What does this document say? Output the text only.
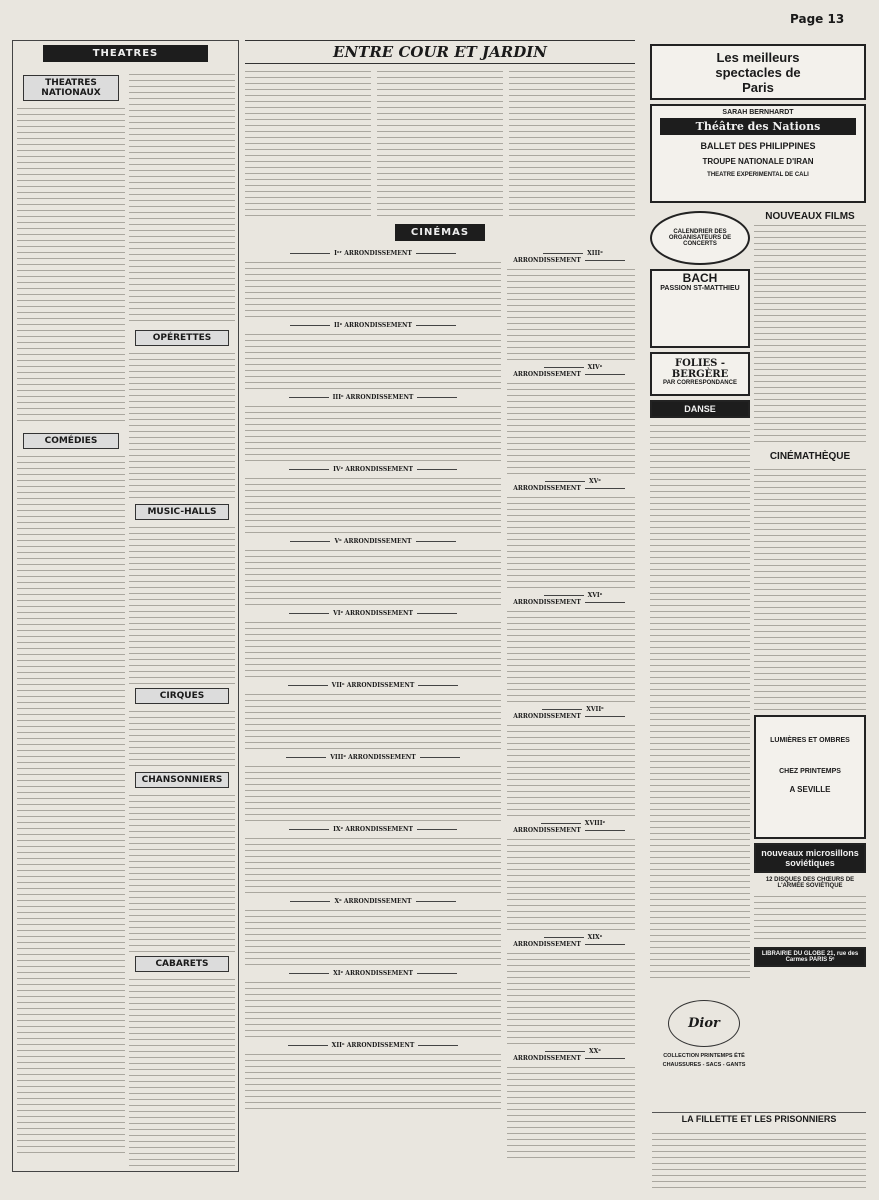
Page 13
THEATRES
THEATRES NATIONAUX
COMÉDIES
OPÉRETTES
MUSIC-HALLS
CIRQUES
CHANSONNIERS
CABARETS
ENTRE COUR ET JARDIN
CINÉMAS
Iᵉʳ ARRONDISSEMENT
IIᵉ ARRONDISSEMENT
IIIᵉ ARRONDISSEMENT
IVᵉ ARRONDISSEMENT
Vᵉ ARRONDISSEMENT
VIᵉ ARRONDISSEMENT
VIIᵉ ARRONDISSEMENT
VIIIᵉ ARRONDISSEMENT
IXᵉ ARRONDISSEMENT
Xᵉ ARRONDISSEMENT
XIᵉ ARRONDISSEMENT
XIIᵉ ARRONDISSEMENT
XIIIᵉ ARRONDISSEMENT
XIVᵉ ARRONDISSEMENT
XVᵉ ARRONDISSEMENT
XVIᵉ ARRONDISSEMENT
XVIIᵉ ARRONDISSEMENT
XVIIIᵉ ARRONDISSEMENT
XIXᵉ ARRONDISSEMENT
XXᵉ ARRONDISSEMENT
Les meilleurs spectacles de Paris
SARAH BERNHARDT
Théâtre des Nations
BALLET DES PHILIPPINES
TROUPE NATIONALE D'IRAN
THEATRE EXPERIMENTAL DE CALI
CALENDRIER DES ORGANISATEURS DE CONCERTS
BACH
PASSION ST-MATTHIEU
FOLIES - BERGÈRE
PAR CORRESPONDANCE
DANSE
NOUVEAUX FILMS
CINÉMATHÈQUE
LUMIÈRES ET OMBRES
CHEZ PRINTEMPS
A SEVILLE
nouveaux microsillons soviétiques
12 DISQUES DES CHŒURS DE L'ARMÉE SOVIÉTIQUE
LIBRAIRIE DU GLOBE 21, rue des Carmes PARIS 5ᵉ
Dior
COLLECTION PRINTEMPS ÉTÉ
CHAUSSURES - SACS - GANTS
LA FILLETTE ET LES PRISONNIERS
